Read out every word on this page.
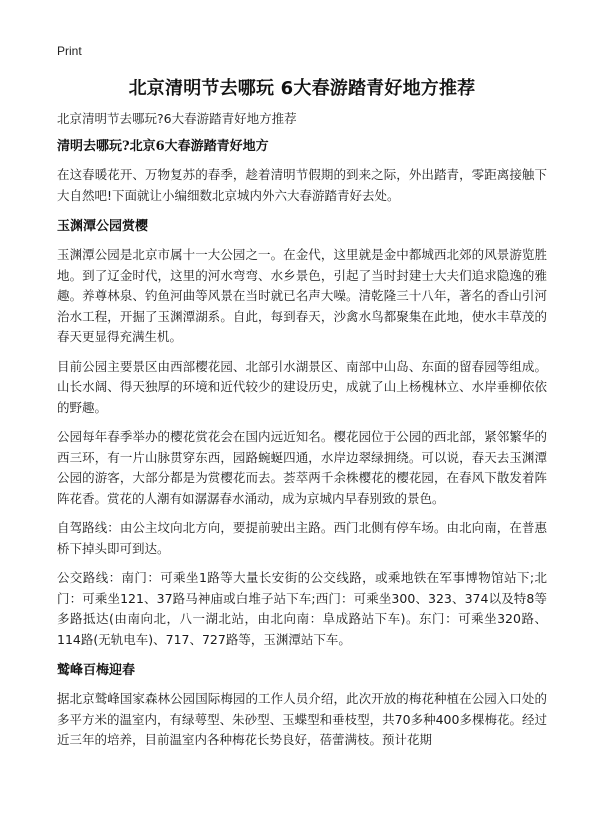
Print
北京清明节去哪玩 6大春游踏青好地方推荐

北京清明节去哪玩?6大春游踏青好地方推荐

清明去哪玩?北京6大春游踏青好地方

在这春暖花开、万物复苏的春季，趁着清明节假期的到来之际，外出踏青，零距离接触下大自然吧!下面就让小编细数北京城内外六大春游踏青好去处。

玉渊潭公园赏樱

玉渊潭公园是北京市属十一大公园之一。在金代，这里就是金中都城西北郊的风景游览胜地。到了辽金时代，这里的河水弯弯、水乡景色，引起了当时封建士大夫们追求隐逸的雅趣。养尊林泉、钓鱼河曲等风景在当时就已名声大噪。清乾隆三十八年，著名的香山引河治水工程，开掘了玉渊潭湖系。自此，每到春天，沙禽水鸟都聚集在此地，使水丰草茂的春天更显得充满生机。

目前公园主要景区由西部樱花园、北部引水湖景区、南部中山岛、东面的留春园等组成。山长水阔、得天独厚的环境和近代较少的建设历史，成就了山上杨槐林立、水岸垂柳依依的野趣。

公园每年春季举办的樱花赏花会在国内远近知名。樱花园位于公园的西北部，紧邻繁华的西三环，有一片山脉贯穿东西，园路蜿蜒四通，水岸边翠绿拥绕。可以说，春天去玉渊潭公园的游客，大部分都是为赏樱花而去。荟萃两千余株樱花的樱花园，在春风下散发着阵阵花香。赏花的人潮有如潺潺春水涌动，成为京城内早春别致的景色。

自驾路线：由公主坟向北方向，要提前驶出主路。西门北侧有停车场。由北向南，在普惠桥下掉头即可到达。

公交路线：南门：可乘坐1路等大量长安街的公交线路，或乘地铁在军事博物馆站下;北门：可乘坐121、37路马神庙或白堆子站下车;西门：可乘坐300、323、374以及特8等多路抵达(由南向北，八一湖北站，由北向南：阜成路站下车)。东门：可乘坐320路、114路(无轨电车)、717、727路等，玉渊潭站下车。

鹫峰百梅迎春

据北京鹫峰国家森林公园国际梅园的工作人员介绍，此次开放的梅花种植在公园入口处的多平方米的温室内，有绿萼型、朱砂型、玉蝶型和垂枝型，共70多种400多棵梅花。经过近三年的培养，目前温室内各种梅花长势良好，蓓蕾满枝。预计花期
